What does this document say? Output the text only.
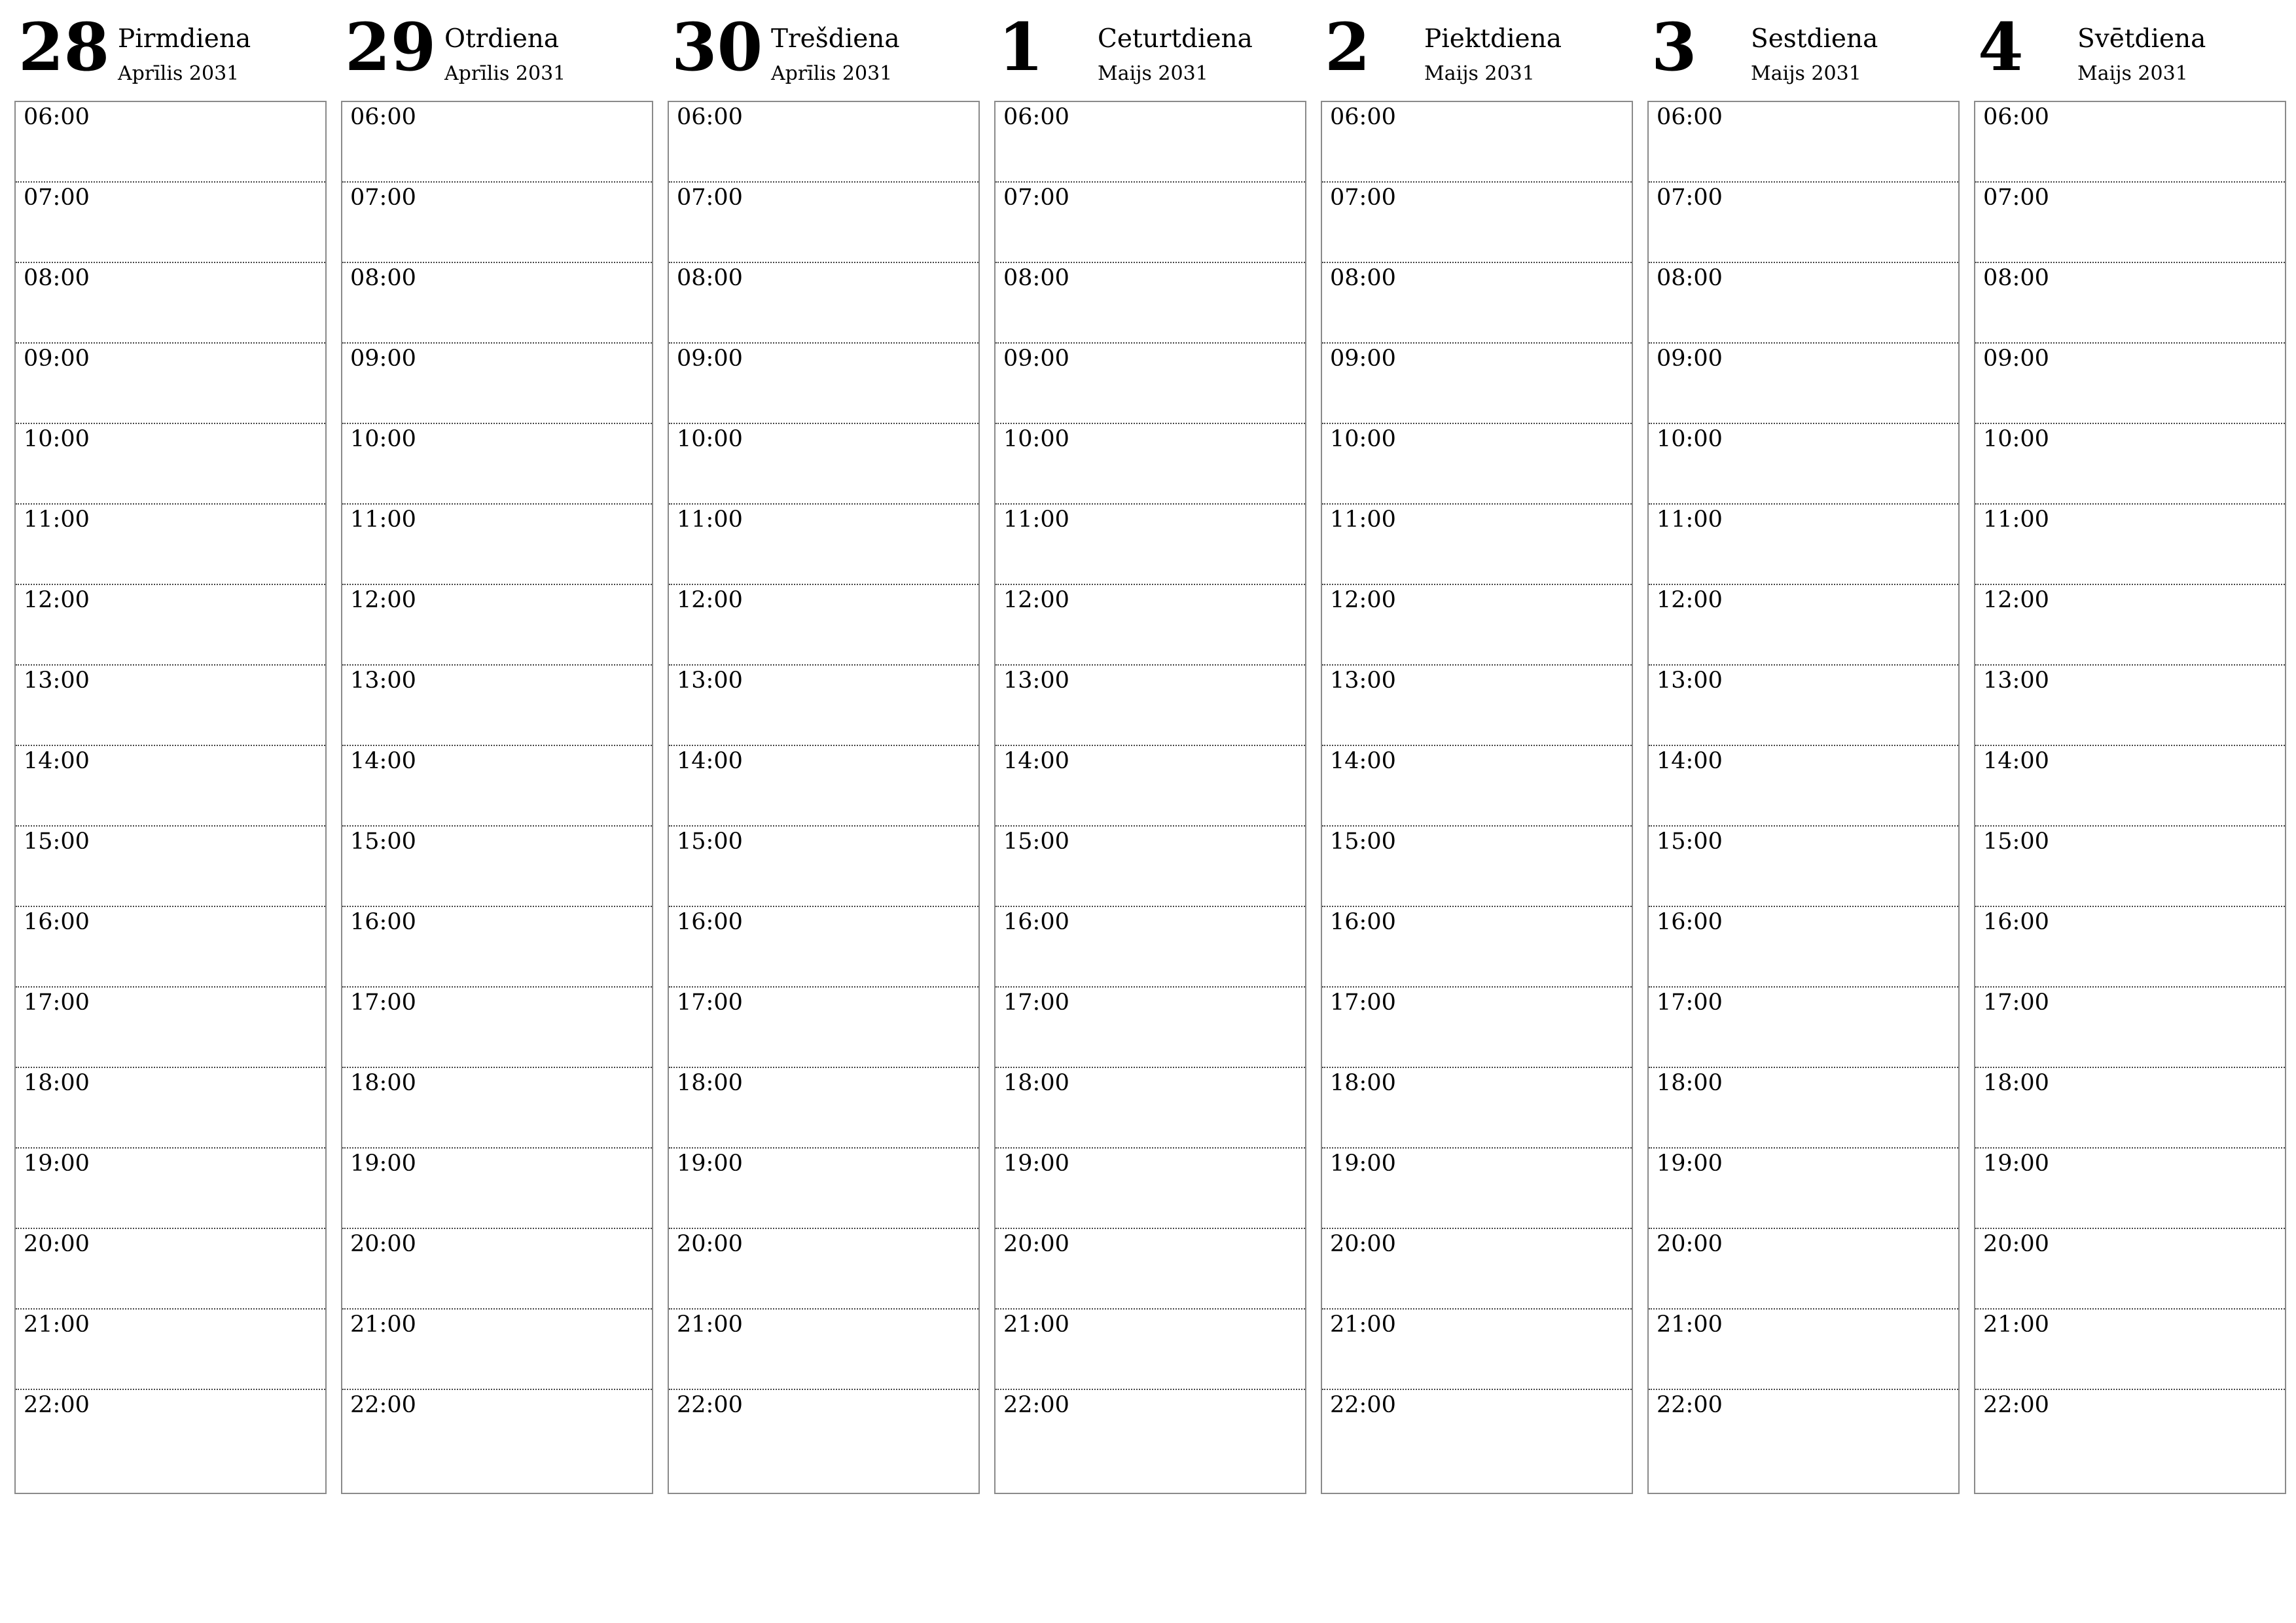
28 Pirmdiena
Aprīlis 2031
06:00
07:00
08:00
09:00
10:00
11:00
12:00
13:00
14:00
15:00
16:00
17:00
18:00
19:00
20:00
21:00
22:00
29 Otrdiena
Aprīlis 2031
06:00
07:00
08:00
09:00
10:00
11:00
12:00
13:00
14:00
15:00
16:00
17:00
18:00
19:00
20:00
21:00
22:00
30 Trešdiena
Aprīlis 2031
06:00
07:00
08:00
09:00
10:00
11:00
12:00
13:00
14:00
15:00
16:00
17:00
18:00
19:00
20:00
21:00
22:00
1 Ceturtdiena
Maijs 2031
06:00
07:00
08:00
09:00
10:00
11:00
12:00
13:00
14:00
15:00
16:00
17:00
18:00
19:00
20:00
21:00
22:00
2 Piektdiena
Maijs 2031
06:00
07:00
08:00
09:00
10:00
11:00
12:00
13:00
14:00
15:00
16:00
17:00
18:00
19:00
20:00
21:00
22:00
3 Sestdiena
Maijs 2031
06:00
07:00
08:00
09:00
10:00
11:00
12:00
13:00
14:00
15:00
16:00
17:00
18:00
19:00
20:00
21:00
22:00
4 Svētdiena
Maijs 2031
06:00
07:00
08:00
09:00
10:00
11:00
12:00
13:00
14:00
15:00
16:00
17:00
18:00
19:00
20:00
21:00
22:00
